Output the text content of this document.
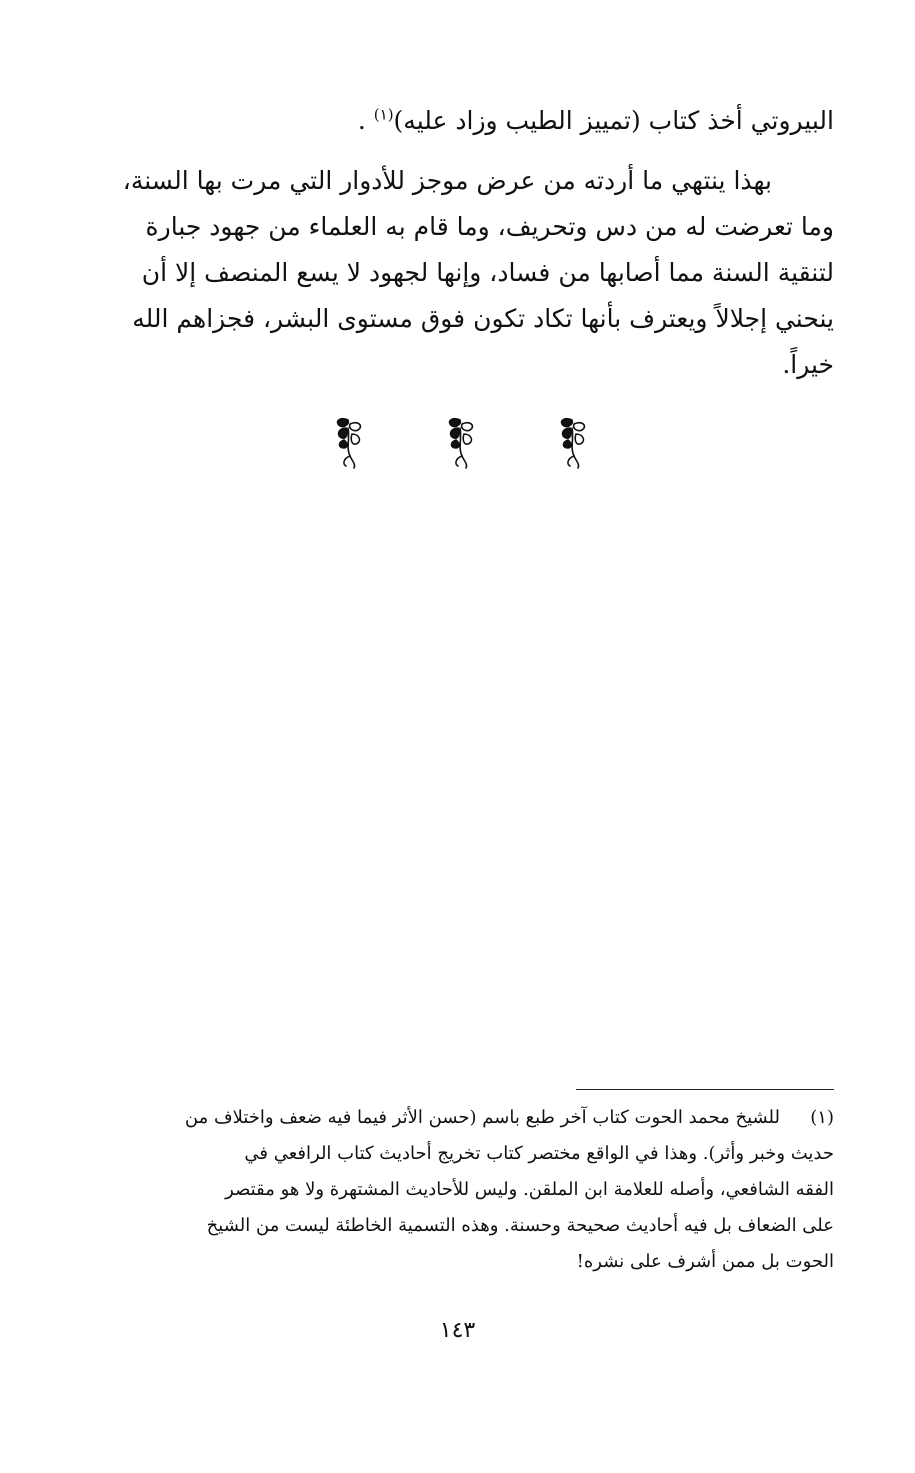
البيروتي أخذ كتاب (تمييز الطيب وزاد عليه)$^{(١)}$ .
بهذا ينتهي ما أردته من عرض موجز للأدوار التي مرت بها السنة،
وما تعرضت له من دس وتحريف، وما قام به العلماء من جهود جبارة
لتنقية السنة مما أصابها من فساد، وإنها لجهود لا يسع المنصف إلا أن
ينحني إجلالاً ويعترف بأنها تكاد تكون فوق مستوى البشر، فجزاهم الله
خيراً.
(١)للشيخ محمد الحوت كتاب آخر طبع باسم (حسن الأثر فيما فيه ضعف واختلاف من
حديث وخبر وأثر). وهذا في الواقع مختصر كتاب تخريج أحاديث كتاب الرافعي في
الفقه الشافعي، وأصله للعلامة ابن الملقن. وليس للأحاديث المشتهرة ولا هو مقتصر
على الضعاف بل فيه أحاديث صحيحة وحسنة. وهذه التسمية الخاطئة ليست من الشيخ
الحوت بل ممن أشرف على نشره!
١٤٣
